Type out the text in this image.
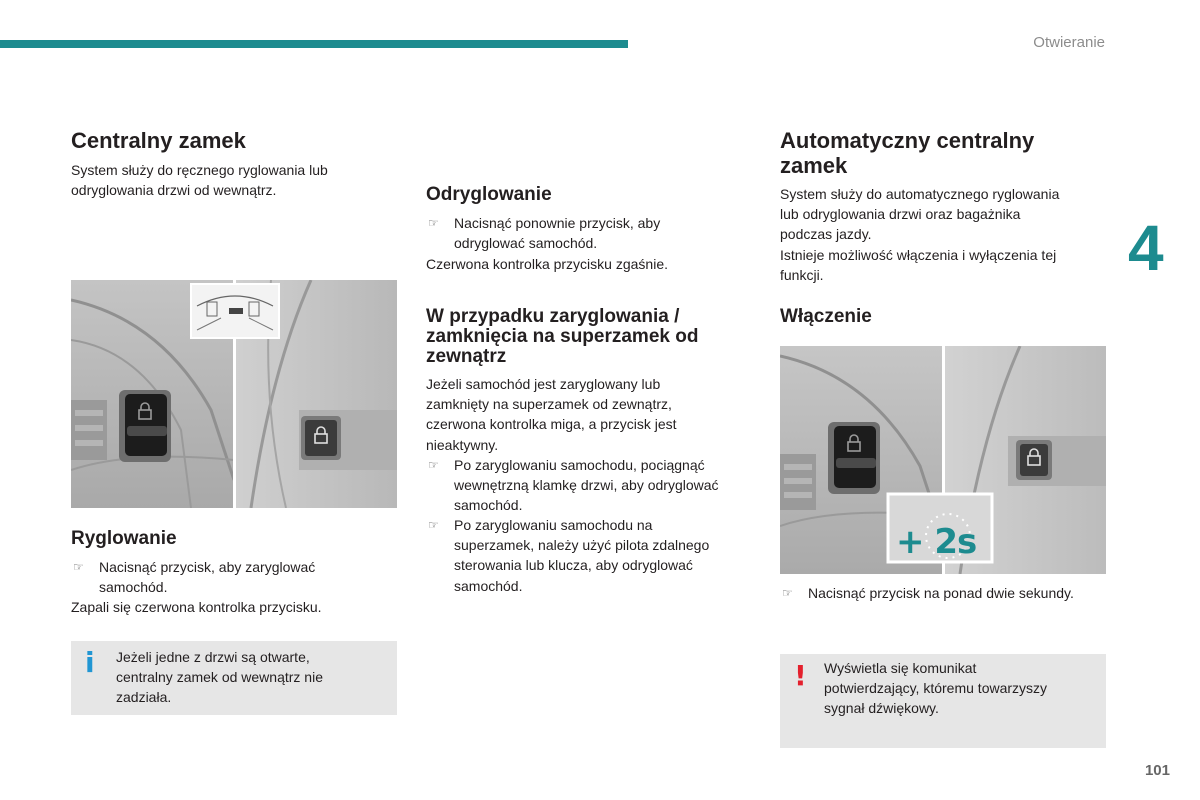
Otwieranie
4
101
Centralny zamek
System służy do ręcznego ryglowania lub
odryglowania drzwi od wewnątrz.
Ryglowanie
☞ Nacisnąć przycisk, aby zaryglować
samochód.
Zapali się czerwona kontrolka przycisku.
i Jeżeli jedne z drzwi są otwarte,
centralny zamek od wewnątrz nie
zadziała.
Odryglowanie
☞ Nacisnąć ponownie przycisk, aby
odryglować samochód.
Czerwona kontrolka przycisku zgaśnie.
W przypadku zaryglowania /
zamknięcia na superzamek od
zewnątrz
Jeżeli samochód jest zaryglowany lub
zamknięty na superzamek od zewnątrz,
czerwona kontrolka miga, a przycisk jest
nieaktywny.
☞ Po zaryglowaniu samochodu, pociągnąć
wewnętrzną klamkę drzwi, aby odryglować
samochód.
☞ Po zaryglowaniu samochodu na
superzamek, należy użyć pilota zdalnego
sterowania lub klucza, aby odryglować
samochód.
Automatyczny centralny
zamek
System służy do automatycznego ryglowania
lub odryglowania drzwi oraz bagażnika
podczas jazdy.
Istnieje możliwość włączenia i wyłączenia tej
funkcji.
Włączenie
+ 2s
☞ Nacisnąć przycisk na ponad dwie sekundy.
! Wyświetla się komunikat
potwierdzający, któremu towarzyszy
sygnał dźwiękowy.
